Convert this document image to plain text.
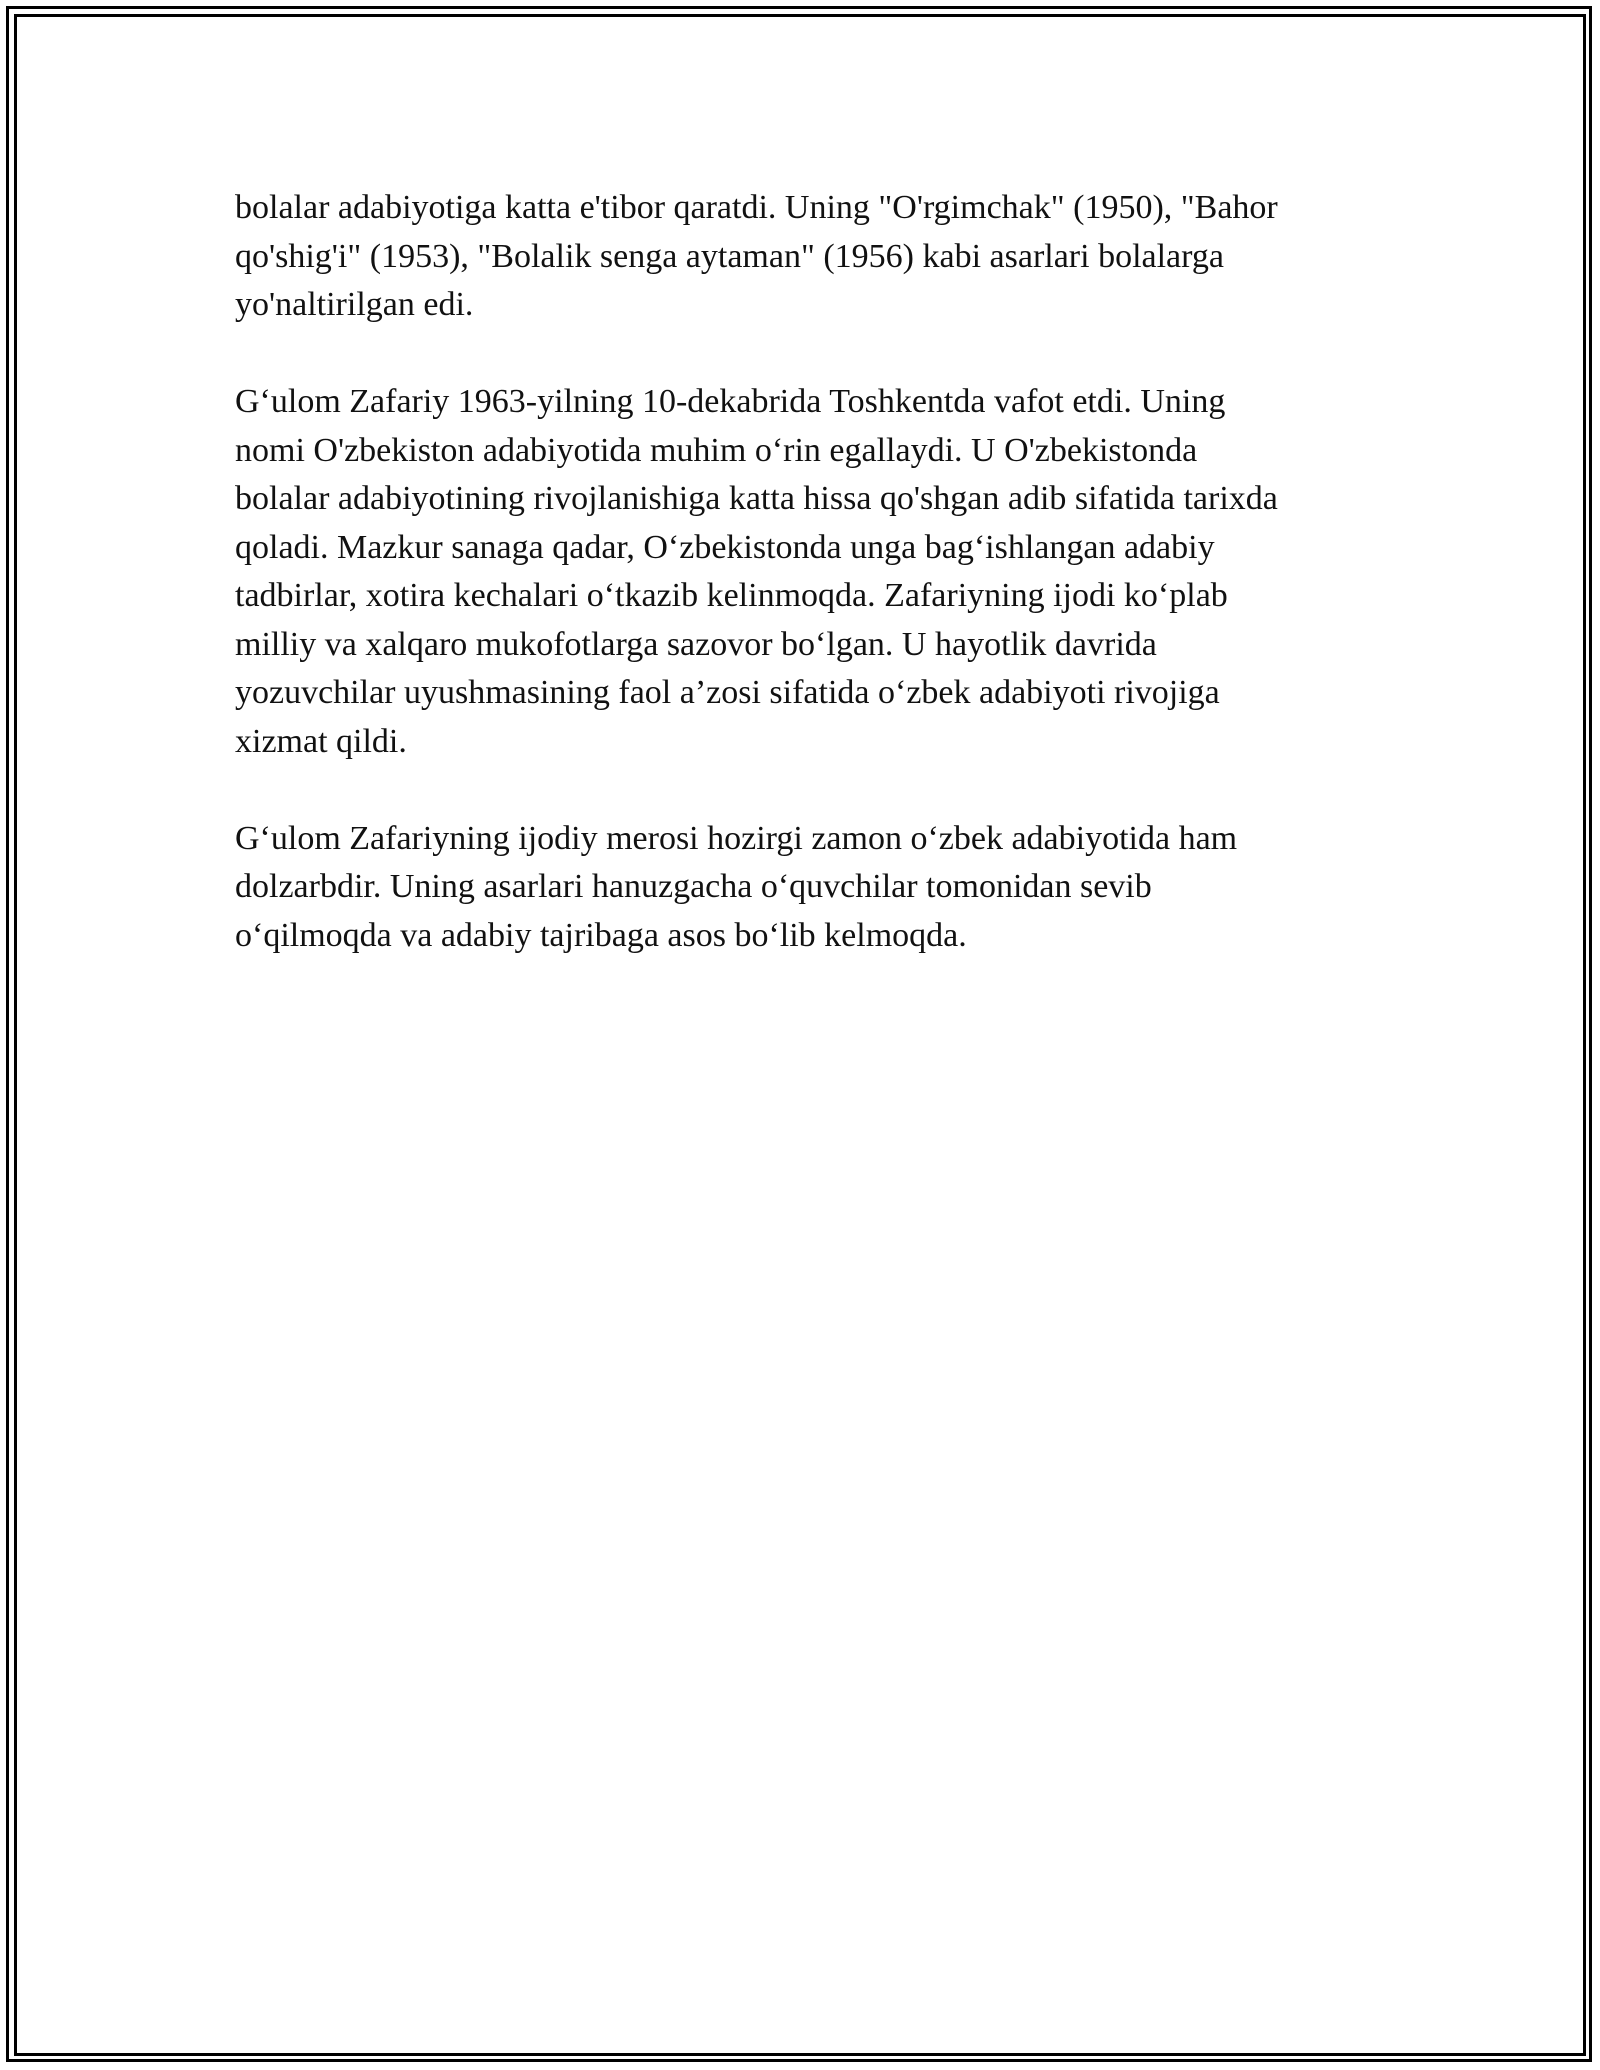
bolalar adabiyotiga katta e'tibor qaratdi. Uning "O'rgimchak" (1950), "Bahor
qo'shig'i" (1953), "Bolalik senga aytaman" (1956) kabi asarlari bolalarga
yo'naltirilgan edi.

G‘ulom Zafariy 1963-yilning 10-dekabrida Toshkentda vafot etdi. Uning
nomi O'zbekiston adabiyotida muhim o‘rin egallaydi. U O'zbekistonda
bolalar adabiyotining rivojlanishiga katta hissa qo'shgan adib sifatida tarixda
qoladi. Mazkur sanaga qadar, O‘zbekistonda unga bag‘ishlangan adabiy
tadbirlar, xotira kechalari o‘tkazib kelinmoqda. Zafariyning ijodi ko‘plab
milliy va xalqaro mukofotlarga sazovor bo‘lgan. U hayotlik davrida
yozuvchilar uyushmasining faol a’zosi sifatida o‘zbek adabiyoti rivojiga
xizmat qildi.

G‘ulom Zafariyning ijodiy merosi hozirgi zamon o‘zbek adabiyotida ham
dolzarbdir. Uning asarlari hanuzgacha o‘quvchilar tomonidan sevib
o‘qilmoqda va adabiy tajribaga asos bo‘lib kelmoqda.
